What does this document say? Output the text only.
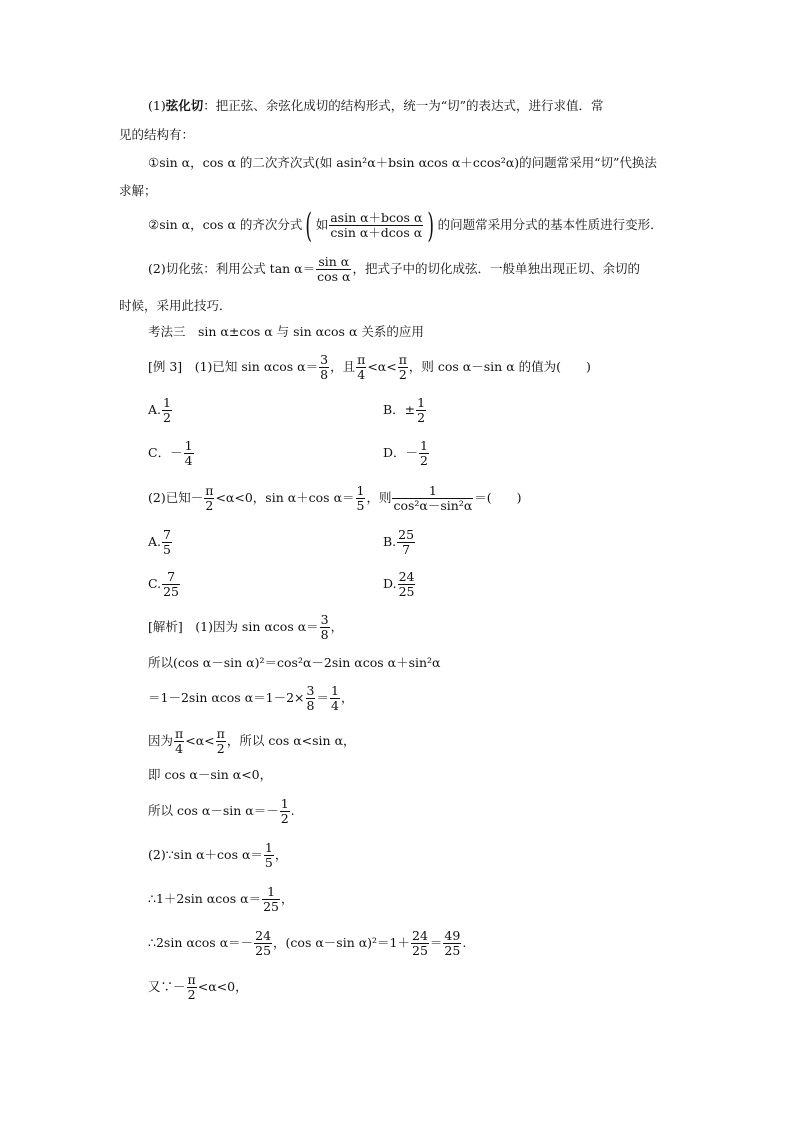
(1)弦化切：把正弦、余弦化成切的结构形式，统一为“切”的表达式，进行求值．常
见的结构有：
①sin α，cos α 的二次齐次式(如 asin²α＋bsin αcos α＋ccos²α)的问题常采用“切”代换法
求解；
②sin α，cos α 的齐次分式( 如 $\frac{\text{asin α＋bcos α}}{\text{csin α＋dcos α}}$ ) 的问题常采用分式的基本性质进行变形．
(2)切化弦：利用公式 $\tan \alpha= \frac{\text{sin α}}{\text{cos α}}$ ，把式子中的切化成弦．一般单独出现正切、余切的
时候，采用此技巧．
考法三　sin α±cos α 与 sin αcos α 关系的应用
[例 3]　 (1)已知 sin αcos $\alpha= \frac{3}{8}$ ，且 $\frac{\pi}{4} <\alpha< \frac{\pi}{2}$ ，则 cos α－sin α 的值为(　　)
A. $\frac{1}{2}$	B．± $\frac{1}{2}$
C．－ $\frac{1}{4}$	D．－ $\frac{1}{2}$
(2)已知－ $\frac{\pi}{2} <\alpha<0$，sin α＋cos $\alpha= \frac{1}{5}$ ，则 $\frac{1}{\text{cos²α－sin²α}}$ ＝(　　)
A. $\frac{7}{5}$	B. $\frac{25}{7}$
C. $\frac{7}{25}$	D. $\frac{24}{25}$
[解析]　(1)因为 sin αcos $\alpha= \frac{3}{8}$ ，
所以(cos α－sin α)²＝cos²α－2sin αcos α＋sin²α
＝1－2sin αcos $\alpha=1-2\times \frac{3}{8} = \frac{1}{4}$ ，
因为 $\frac{\pi}{4} <\alpha< \frac{\pi}{2}$ ，所以 cos α<sin α，
即 cos α－sin α<0，
所以 cos α－sin $\alpha=- \frac{1}{2}$ .
(2)∵sin α＋cos $\alpha= \frac{1}{5}$ ，
∴1＋2sin αcos $\alpha= \frac{1}{25}$ ，
∴2sin αcos $\alpha=- \frac{24}{25}$ ，(cos α－sin $\alpha)^2=1+ \frac{24}{25} = \frac{49}{25}$ .
又∵－ $\frac{\pi}{2} <\alpha<0$，
